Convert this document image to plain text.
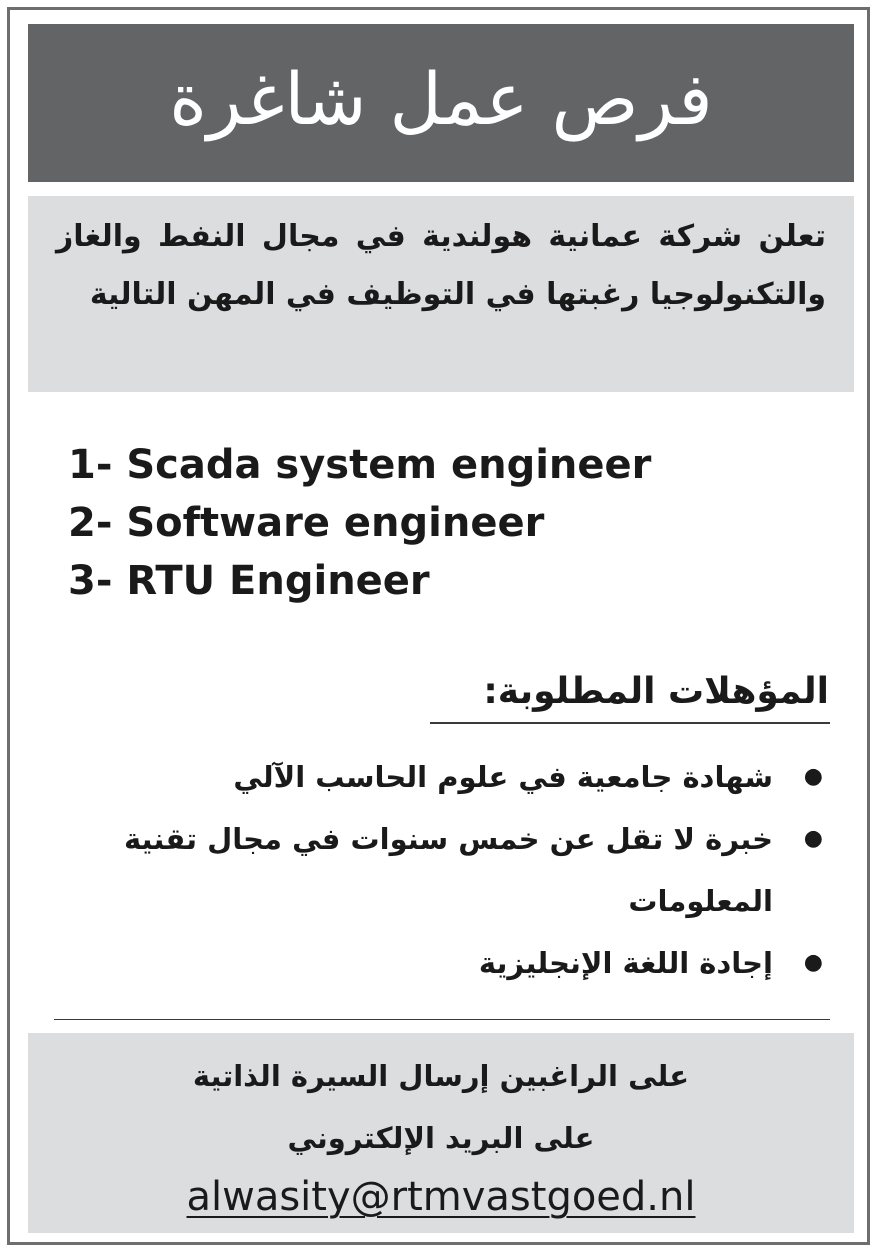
فرص عمل شاغرة

تعلن شركة عمانية هولندية في مجال النفط والغاز والتكنولوجيا رغبتها في التوظيف في المهن التالية

1- Scada system engineer
2- Software engineer
3- RTU Engineer
المؤهلات المطلوبة:
●
شهادة جامعية في علوم الحاسب الآلي
●
خبرة لا تقل عن خمس سنوات في مجال تقنية المعلومات
●
إجادة اللغة الإنجليزية

على الراغبين إرسال السيرة الذاتية

على البريد الإلكتروني

alwasity@rtmvastgoed.nl
